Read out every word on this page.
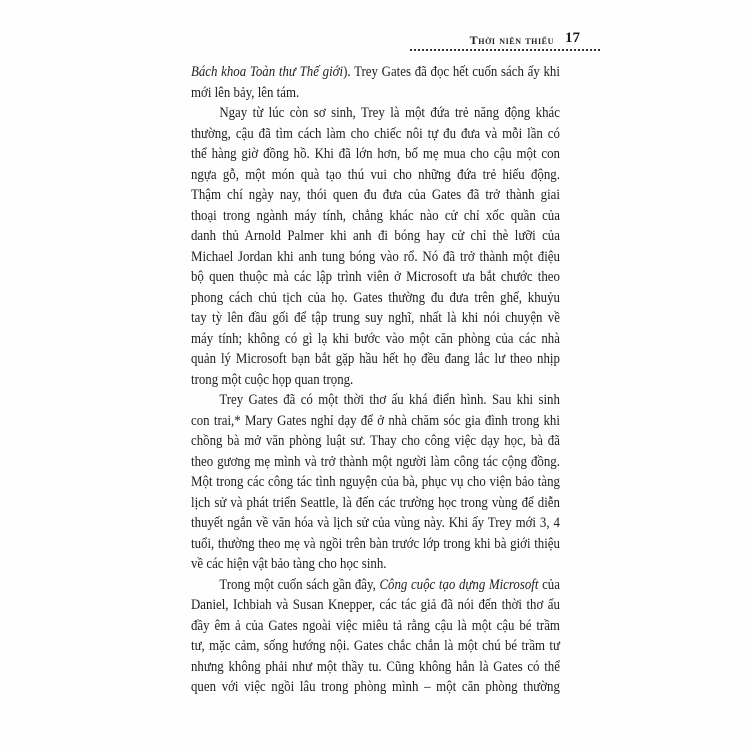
Thời niên thiếu 17
Bách khoa Toàn thư Thế giới). Trey Gates đã đọc hết cuốn sách ấy khi
mới lên bảy, lên tám.
Ngay từ lúc còn sơ sinh, Trey là một đứa trẻ năng động khác
thường, cậu đã tìm cách làm cho chiếc nôi tự đu đưa và mỗi lần có
thể hàng giờ đồng hồ. Khi đã lớn hơn, bố mẹ mua cho cậu một con
ngựa gỗ, một món quà tạo thú vui cho những đứa trẻ hiếu động.
Thậm chí ngày nay, thói quen đu đưa của Gates đã trở thành giai
thoại trong ngành máy tính, chẳng khác nào cử chỉ xốc quần của
danh thủ Arnold Palmer khi anh đi bóng hay cử chỉ thè lưỡi của
Michael Jordan khi anh tung bóng vào rổ. Nó đã trở thành một điệu
bộ quen thuộc mà các lập trình viên ở Microsoft ưa bắt chước theo
phong cách chủ tịch của họ. Gates thường đu đưa trên ghế, khuỷu
tay tỳ lên đầu gối để tập trung suy nghĩ, nhất là khi nói chuyện về
máy tính; không có gì lạ khi bước vào một căn phòng của các nhà
quản lý Microsoft bạn bắt gặp hầu hết họ đều đang lắc lư theo nhịp
trong một cuộc họp quan trọng.
Trey Gates đã có một thời thơ ấu khá điển hình. Sau khi sinh
con trai,* Mary Gates nghỉ dạy để ở nhà chăm sóc gia đình trong khi
chồng bà mở văn phòng luật sư. Thay cho công việc dạy học, bà đã
theo gương mẹ mình và trở thành một người làm công tác cộng đồng.
Một trong các công tác tình nguyện của bà, phục vụ cho viện bảo tàng
lịch sử và phát triển Seattle, là đến các trường học trong vùng để diễn
thuyết ngắn về văn hóa và lịch sử của vùng này. Khi ấy Trey mới 3, 4
tuổi, thường theo mẹ và ngồi trên bàn trước lớp trong khi bà giới thiệu
về các hiện vật bảo tàng cho học sinh.
Trong một cuốn sách gần đây, Công cuộc tạo dựng Microsoft của
Daniel, Ichbiah và Susan Knepper, các tác giả đã nói đến thời thơ ấu
đầy êm ả của Gates ngoài việc miêu tả rằng cậu là một cậu bé trầm
tư, mặc cảm, sống hướng nội. Gates chắc chắn là một chú bé trầm tư
nhưng không phải như một thầy tu. Cũng không hẳn là Gates có thể
quen với việc ngồi lâu trong phòng mình – một căn phòng thường
